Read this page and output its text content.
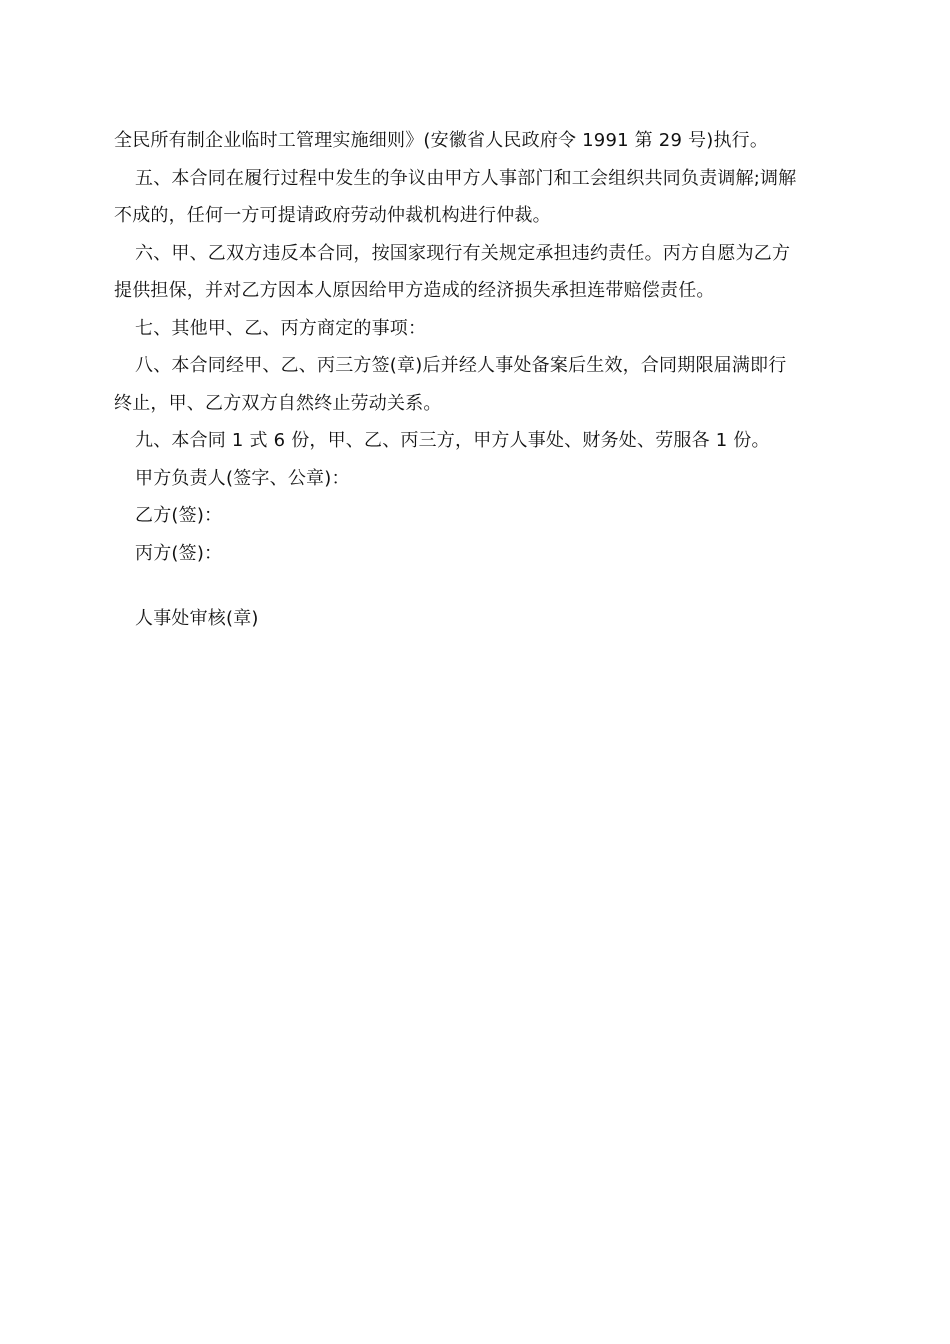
全民所有制企业临时工管理实施细则》(安徽省人民政府令 1991 第 29 号)执行。
五、本合同在履行过程中发生的争议由甲方人事部门和工会组织共同负责调解;调解
不成的，任何一方可提请政府劳动仲裁机构进行仲裁。
六、甲、乙双方违反本合同，按国家现行有关规定承担违约责任。丙方自愿为乙方
提供担保，并对乙方因本人原因给甲方造成的经济损失承担连带赔偿责任。
七、其他甲、乙、丙方商定的事项：
八、本合同经甲、乙、丙三方签(章)后并经人事处备案后生效，合同期限届满即行
终止，甲、乙方双方自然终止劳动关系。
九、本合同 1 式 6 份，甲、乙、丙三方，甲方人事处、财务处、劳服各 1 份。
甲方负责人(签字、公章)：
乙方(签)：
丙方(签)：
人事处审核(章)
